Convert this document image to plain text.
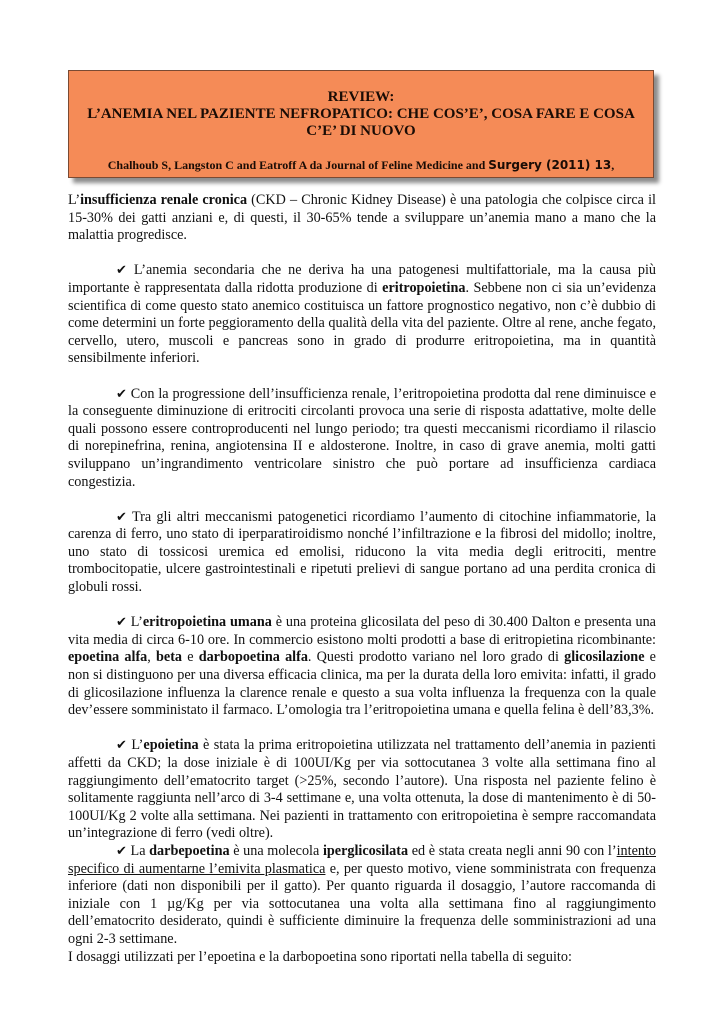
REVIEW:
L’ANEMIA NEL PAZIENTE NEFROPATICO: CHE COS’E’, COSA FARE E COSA C’E’ DI NUOVO
Chalhoub S, Langston C and Eatroff A da Journal of Feline Medicine and Surgery (2011) 13,

L’insufficienza renale cronica (CKD – Chronic Kidney Disease) è una patologia che colpisce circa il 15-30% dei gatti anziani e, di questi, il 30-65% tende a sviluppare un’anemia mano a mano che la malattia progredisce.

✔ L’anemia secondaria che ne deriva ha una patogenesi multifattoriale, ma la causa più importante è rappresentata dalla ridotta produzione di eritropoietina. Sebbene non ci sia un’evidenza scientifica di come questo stato anemico costituisca un fattore prognostico negativo, non c’è dubbio di come determini un forte peggioramento della qualità della vita del paziente. Oltre al rene, anche fegato, cervello, utero, muscoli e pancreas sono in grado di produrre eritropoietina, ma in quantità sensibilmente inferiori.

✔ Con la progressione dell’insufficienza renale, l’eritropoietina prodotta dal rene diminuisce e la conseguente diminuzione di eritrociti circolanti provoca una serie di risposta adattative, molte delle quali possono essere controproducenti nel lungo periodo; tra questi meccanismi ricordiamo il rilascio di norepinefrina, renina, angiotensina II e aldosterone. Inoltre, in caso di grave anemia, molti gatti sviluppano un’ingrandimento ventricolare sinistro che può portare ad insufficienza cardiaca congestizia.

✔ Tra gli altri meccanismi patogenetici ricordiamo l’aumento di citochine infiammatorie, la carenza di ferro, uno stato di iperparatiroidismo nonché l’infiltrazione e la fibrosi del midollo; inoltre, uno stato di tossicosi uremica ed emolisi, riducono la vita media degli eritrociti, mentre trombocitopatie, ulcere gastrointestinali e ripetuti prelievi di sangue portano ad una perdita cronica di globuli rossi.

✔ L’eritropoietina umana è una proteina glicosilata del peso di 30.400 Dalton e presenta una vita media di circa 6-10 ore. In commercio esistono molti prodotti a base di eritropietina ricombinante: epoetina alfa, beta e darbopoetina alfa. Questi prodotto variano nel loro grado di glicosilazione e non si distinguono per una diversa efficacia clinica, ma per la durata della loro emivita: infatti, il grado di glicosilazione influenza la clarence renale e questo a sua volta influenza la frequenza con la quale dev’essere somministato il farmaco. L’omologia tra l’eritropoietina umana e quella felina è dell’83,3%.

✔ L’epoietina è stata la prima eritropoietina utilizzata nel trattamento dell’anemia in pazienti affetti da CKD; la dose iniziale è di 100UI/Kg per via sottocutanea 3 volte alla settimana fino al raggiungimento dell’ematocrito target (>25%, secondo l’autore). Una risposta nel paziente felino è solitamente raggiunta nell’arco di 3-4 settimane e, una volta ottenuta, la dose di mantenimento è di 50-100UI/Kg 2 volte alla settimana. Nei pazienti in trattamento con eritropoietina è sempre raccomandata un’integrazione di ferro (vedi oltre).

✔ La darbepoetina è una molecola iperglicosilata ed è stata creata negli anni 90 con l’intento specifico di aumentarne l’emivita plasmatica e, per questo motivo, viene somministrata con frequenza inferiore (dati non disponibili per il gatto). Per quanto riguarda il dosaggio, l’autore raccomanda di iniziale con 1 µg/Kg per via sottocutanea una volta alla settimana fino al raggiungimento dell’ematocrito desiderato, quindi è sufficiente diminuire la frequenza delle somministrazioni ad una ogni 2-3 settimane.

I dosaggi utilizzati per l’epoetina e la darbopoetina sono riportati nella tabella di seguito:
